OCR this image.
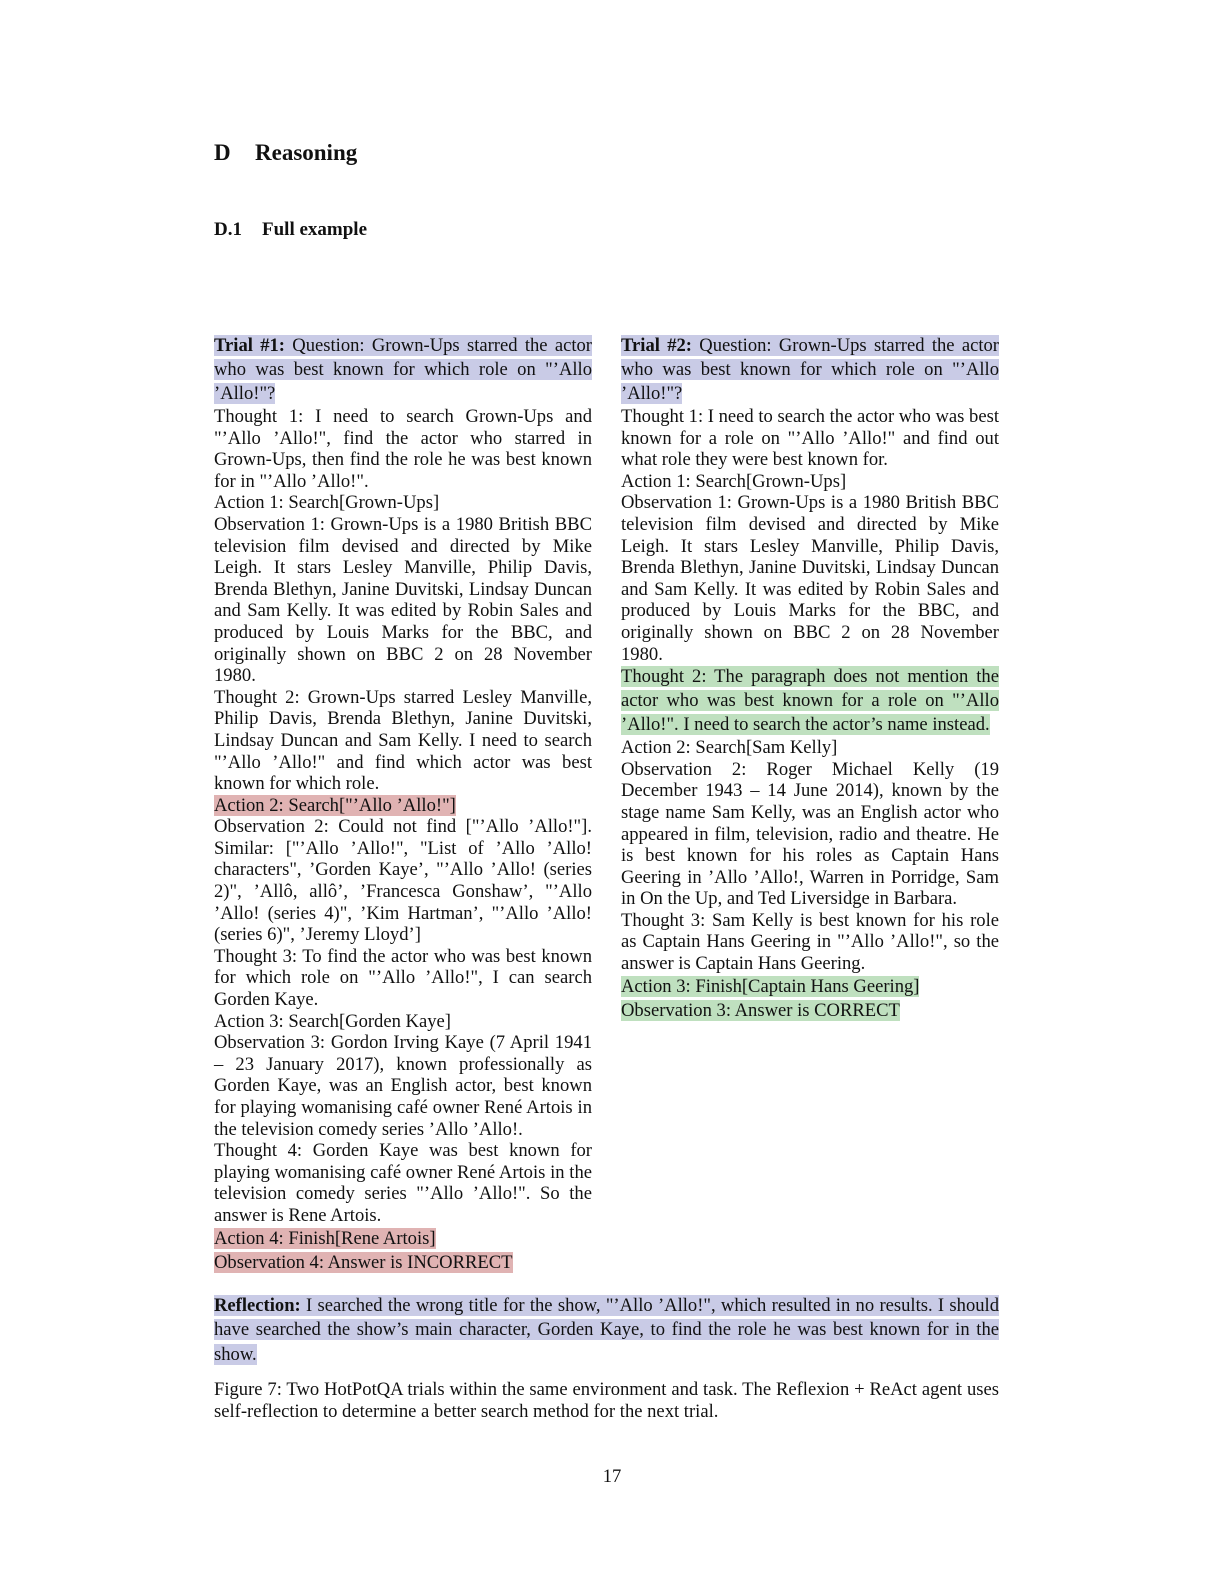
D Reasoning
D.1 Full example

Trial #1: Question: Grown-Ups starred the actor who was best known for which role on "’Allo ’Allo!"?

Thought 1: I need to search Grown-Ups and "’Allo ’Allo!", find the actor who starred in Grown-Ups, then find the role he was best known for in "’Allo ’Allo!".

Action 1: Search[Grown-Ups]

Observation 1: Grown-Ups is a 1980 British BBC television film devised and directed by Mike Leigh. It stars Lesley Manville, Philip Davis, Brenda Blethyn, Janine Duvitski, Lindsay Duncan and Sam Kelly. It was edited by Robin Sales and produced by Louis Marks for the BBC, and originally shown on BBC 2 on 28 November 1980.

Thought 2: Grown-Ups starred Lesley Manville, Philip Davis, Brenda Blethyn, Janine Duvitski, Lindsay Duncan and Sam Kelly. I need to search "’Allo ’Allo!" and find which actor was best known for which role.

Action 2: Search["’Allo ’Allo!"]

Observation 2: Could not find ["’Allo ’Allo!"]. Similar: ["’Allo ’Allo!", "List of ’Allo ’Allo! characters", ’Gorden Kaye’, "’Allo ’Allo! (series 2)", ’Allô, allô’, ’Francesca Gonshaw’, "’Allo ’Allo! (series 4)", ’Kim Hartman’, "’Allo ’Allo! (series 6)", ’Jeremy Lloyd’]

Thought 3: To find the actor who was best known for which role on "’Allo ’Allo!", I can search Gorden Kaye.

Action 3: Search[Gorden Kaye]

Observation 3: Gordon Irving Kaye (7 April 1941 – 23 January 2017), known professionally as Gorden Kaye, was an English actor, best known for playing womanising café owner René Artois in the television comedy series ’Allo ’Allo!.

Thought 4: Gorden Kaye was best known for playing womanising café owner René Artois in the television comedy series "’Allo ’Allo!". So the answer is Rene Artois.

Action 4: Finish[Rene Artois]

Observation 4: Answer is INCORRECT

Trial #2: Question: Grown-Ups starred the actor who was best known for which role on "’Allo ’Allo!"?

Thought 1: I need to search the actor who was best known for a role on "’Allo ’Allo!" and find out what role they were best known for.

Action 1: Search[Grown-Ups]

Observation 1: Grown-Ups is a 1980 British BBC television film devised and directed by Mike Leigh. It stars Lesley Manville, Philip Davis, Brenda Blethyn, Janine Duvitski, Lindsay Duncan and Sam Kelly. It was edited by Robin Sales and produced by Louis Marks for the BBC, and originally shown on BBC 2 on 28 November 1980.

Thought 2: The paragraph does not mention the actor who was best known for a role on "’Allo ’Allo!". I need to search the actor’s name instead.

Action 2: Search[Sam Kelly]

Observation 2: Roger Michael Kelly (19 December 1943 – 14 June 2014), known by the stage name Sam Kelly, was an English actor who appeared in film, television, radio and theatre. He is best known for his roles as Captain Hans Geering in ’Allo ’Allo!, Warren in Porridge, Sam in On the Up, and Ted Liversidge in Barbara.

Thought 3: Sam Kelly is best known for his role as Captain Hans Geering in "’Allo ’Allo!", so the answer is Captain Hans Geering.

Action 3: Finish[Captain Hans Geering]

Observation 3: Answer is CORRECT

Reflection: I searched the wrong title for the show, "’Allo ’Allo!", which resulted in no results. I should have searched the show’s main character, Gorden Kaye, to find the role he was best known for in the show.

Figure 7: Two HotPotQA trials within the same environment and task. The Reflexion + ReAct agent uses self-reflection to determine a better search method for the next trial.

17
